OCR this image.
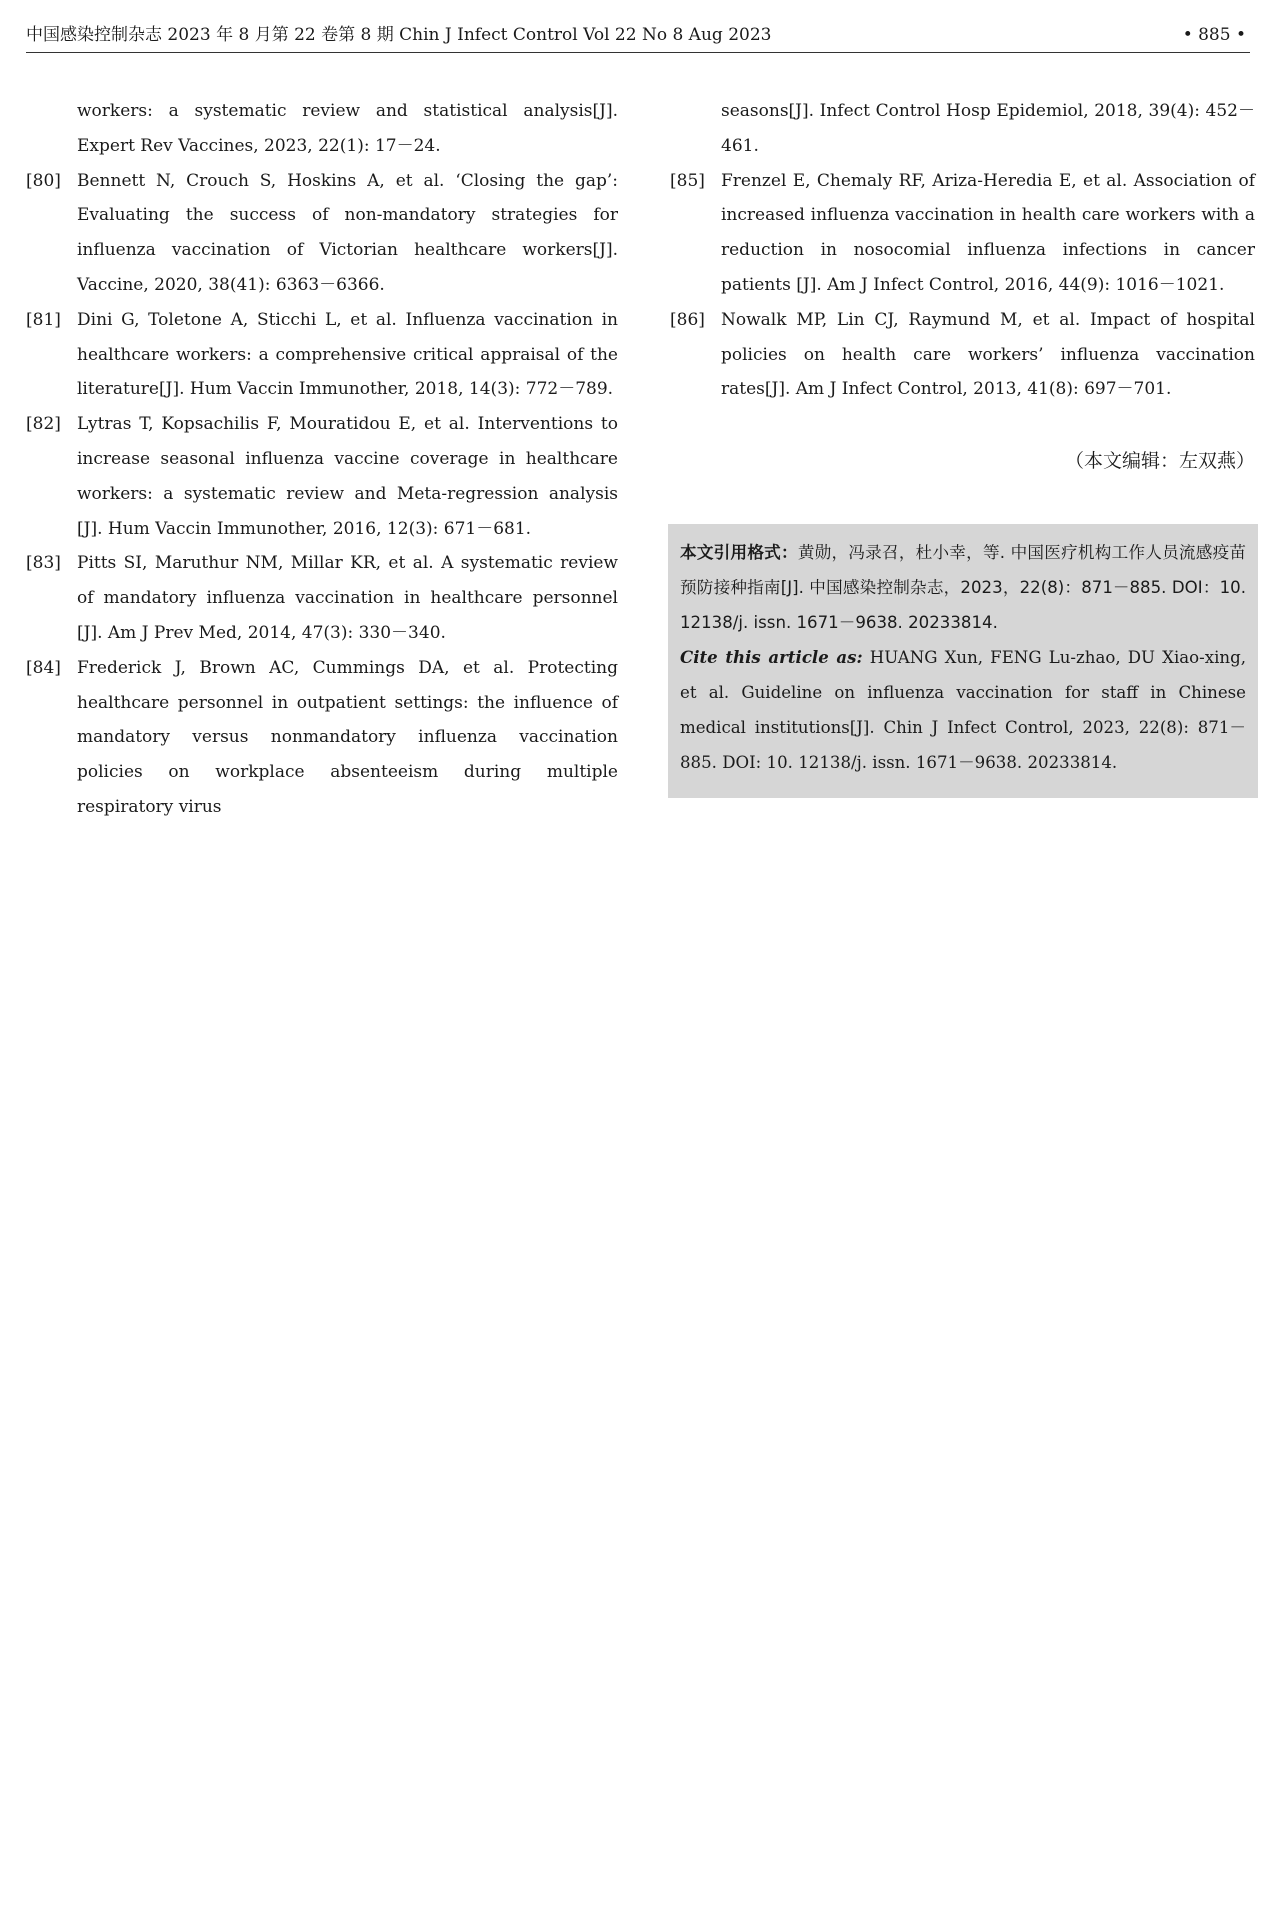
中国感染控制杂志 2023 年 8 月第 22 卷第 8 期 Chin J Infect Control Vol 22 No 8 Aug 2023	• 885 •
workers: a systematic review and statistical analysis[J]. Expert Rev Vaccines, 2023, 22(1): 17－24.
[80] Bennett N, Crouch S, Hoskins A, et al. ‘Closing the gap’: Evaluating the success of non-mandatory strategies for influenza vaccination of Victorian healthcare workers[J]. Vaccine, 2020, 38(41): 6363－6366.
[81] Dini G, Toletone A, Sticchi L, et al. Influenza vaccination in healthcare workers: a comprehensive critical appraisal of the literature[J]. Hum Vaccin Immunother, 2018, 14(3): 772－789.
[82] Lytras T, Kopsachilis F, Mouratidou E, et al. Interventions to increase seasonal influenza vaccine coverage in healthcare workers: a systematic review and Meta-regression analysis [J]. Hum Vaccin Immunother, 2016, 12(3): 671－681.
[83] Pitts SI, Maruthur NM, Millar KR, et al. A systematic review of mandatory influenza vaccination in healthcare personnel [J]. Am J Prev Med, 2014, 47(3): 330－340.
[84] Frederick J, Brown AC, Cummings DA, et al. Protecting healthcare personnel in outpatient settings: the influence of mandatory versus nonmandatory influenza vaccination policies on workplace absenteeism during multiple respiratory virus
seasons[J]. Infect Control Hosp Epidemiol, 2018, 39(4): 452－461.
[85] Frenzel E, Chemaly RF, Ariza-Heredia E, et al. Association of increased influenza vaccination in health care workers with a reduction in nosocomial influenza infections in cancer patients [J]. Am J Infect Control, 2016, 44(9): 1016－1021.
[86] Nowalk MP, Lin CJ, Raymund M, et al. Impact of hospital policies on health care workers’ influenza vaccination rates[J]. Am J Infect Control, 2013, 41(8): 697－701.
（本文编辑：左双燕）

本文引用格式：黄勋，冯录召，杜小幸，等. 中国医疗机构工作人员流感疫苗预防接种指南[J]. 中国感染控制杂志，2023，22(8)：871－885. DOI：10. 12138/j. issn. 1671－9638. 20233814.

Cite this article as: HUANG Xun, FENG Lu-zhao, DU Xiao-xing, et al. Guideline on influenza vaccination for staff in Chinese medical institutions[J]. Chin J Infect Control, 2023, 22(8): 871－885. DOI: 10. 12138/j. issn. 1671－9638. 20233814.
